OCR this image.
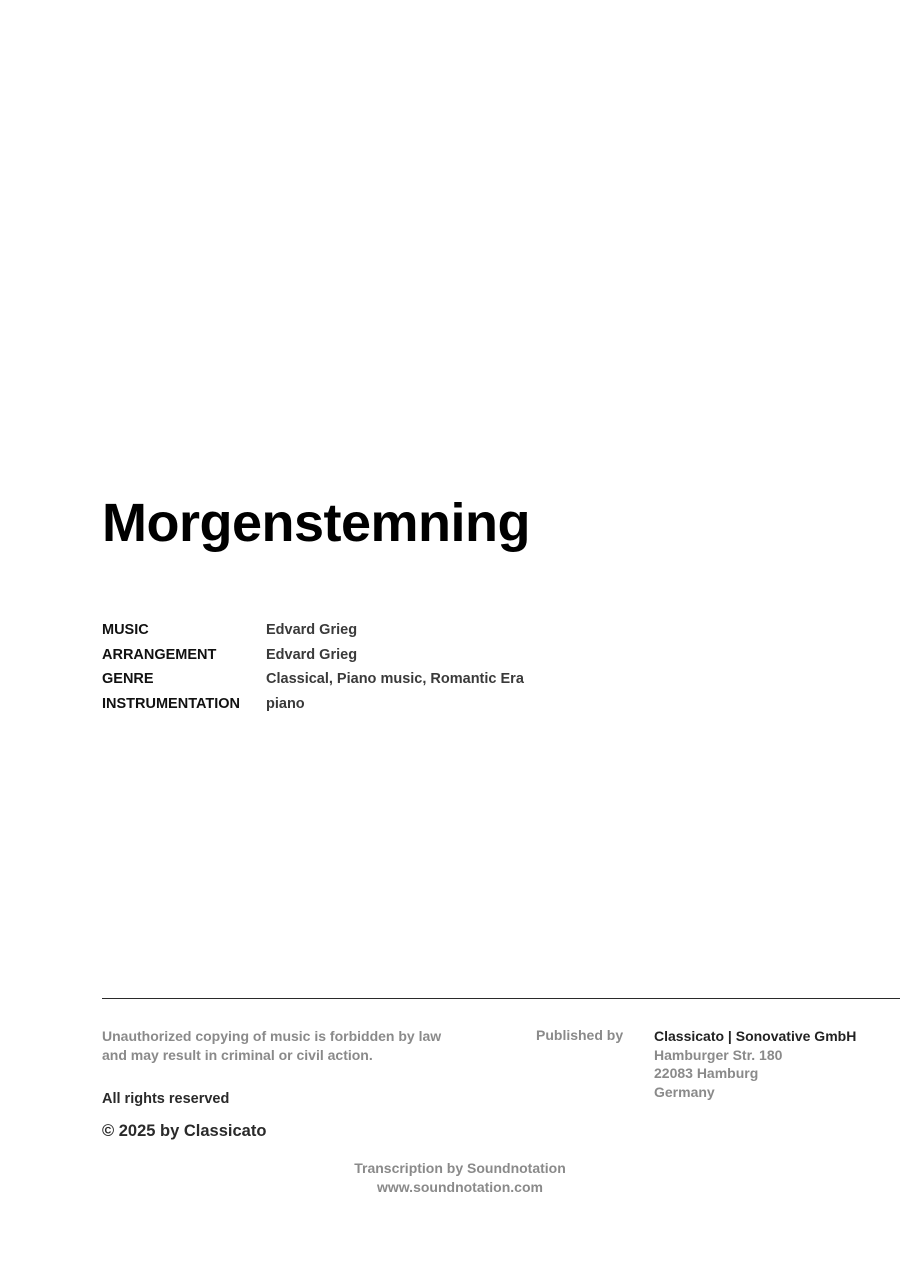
Morgenstemning
MUSIC	Edvard Grieg
ARRANGEMENT	Edvard Grieg
GENRE	Classical, Piano music, Romantic Era
INSTRUMENTATION	piano
Unauthorized copying of music is forbidden by law
and may result in criminal or civil action.
All rights reserved
© 2025 by Classicato
Published by Classicato | Sonovative GmbH
Hamburger Str. 180
22083 Hamburg
Germany
Transcription by Soundnotation
www.soundnotation.com
